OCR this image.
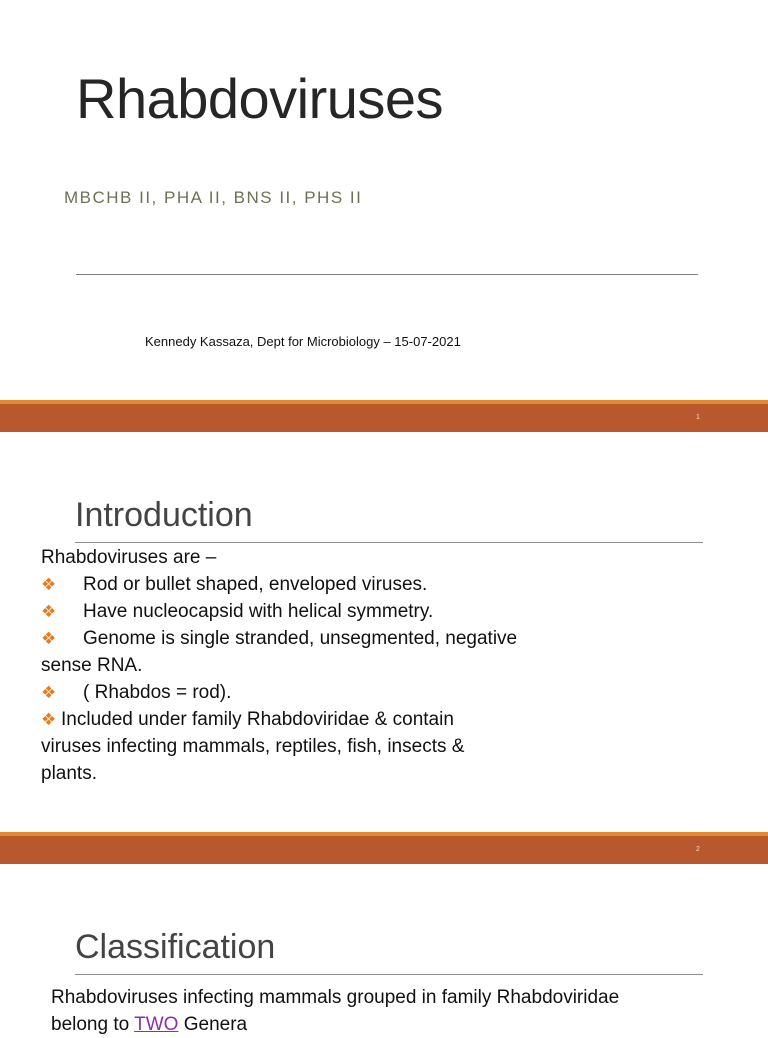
Rhabdoviruses
MBCHB II, PHA II, BNS II, PHS II
Kennedy Kassaza, Dept for Microbiology – 15-07-2021
1
Introduction
Rhabdoviruses are –
❖ Rod or bullet shaped, enveloped viruses.
❖ Have nucleocapsid with helical symmetry.
❖ Genome is single stranded, unsegmented, negative
sense RNA.
❖ ( Rhabdos = rod).
❖ Included under family Rhabdoviridae & contain
viruses infecting mammals, reptiles, fish, insects &
plants.
2
Classification
Rhabdoviruses infecting mammals grouped in family Rhabdoviridae
belong to TWO Genera
